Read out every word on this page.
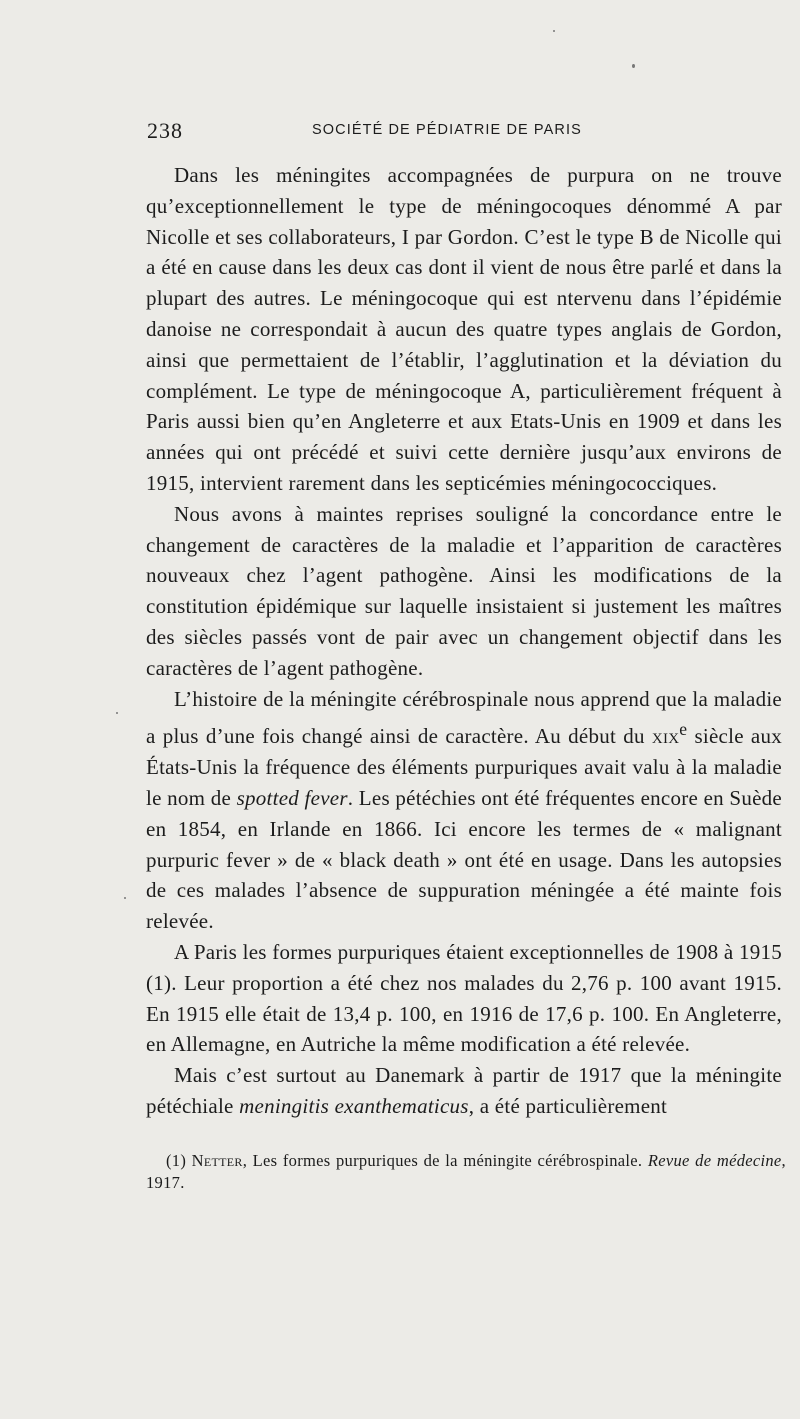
238	SOCIÉTÉ DE PÉDIATRIE DE PARIS

Dans les méningites accompagnées de purpura on ne trouve qu’exceptionnellement le type de méningocoques dénommé A par Nicolle et ses collaborateurs, I par Gordon. C’est le type B de Nicolle qui a été en cause dans les deux cas dont il vient de nous être parlé et dans la plupart des autres. Le méningocoque qui est ntervenu dans l’épidémie danoise ne correspondait à aucun des quatre types anglais de Gordon, ainsi que permettaient de l’établir, l’agglutination et la déviation du complément. Le type de méningocoque A, particulièrement fréquent à Paris aussi bien qu’en Angleterre et aux Etats-Unis en 1909 et dans les années qui ont précédé et suivi cette dernière jusqu’aux environs de 1915, intervient rarement dans les septicémies méningococciques.

Nous avons à maintes reprises souligné la concordance entre le changement de caractères de la maladie et l’apparition de caractères nouveaux chez l’agent pathogène. Ainsi les modifications de la constitution épidémique sur laquelle insistaient si justement les maîtres des siècles passés vont de pair avec un changement objectif dans les caractères de l’agent pathogène.

L’histoire de la méningite cérébrospinale nous apprend que la maladie a plus d’une fois changé ainsi de caractère. Au début du xix$^e$ siècle aux États-Unis la fréquence des éléments purpuriques avait valu à la maladie le nom de spotted fever. Les pétéchies ont été fréquentes encore en Suède en 1854, en Irlande en 1866. Ici encore les termes de « malignant purpuric fever » de « black death » ont été en usage. Dans les autopsies de ces malades l’absence de suppuration méningée a été mainte fois relevée.

A Paris les formes purpuriques étaient exceptionnelles de 1908 à 1915 (1). Leur proportion a été chez nos malades du 2,76 p. 100 avant 1915. En 1915 elle était de 13,4 p. 100, en 1916 de 17,6 p. 100. En Angleterre, en Allemagne, en Autriche la même modification a été relevée.

Mais c’est surtout au Danemark à partir de 1917 que la méningite pétéchiale meningitis exanthematicus, a été particulièrement

(1) Netter, Les formes purpuriques de la méningite cérébrospinale. Revue de médecine, 1917.
